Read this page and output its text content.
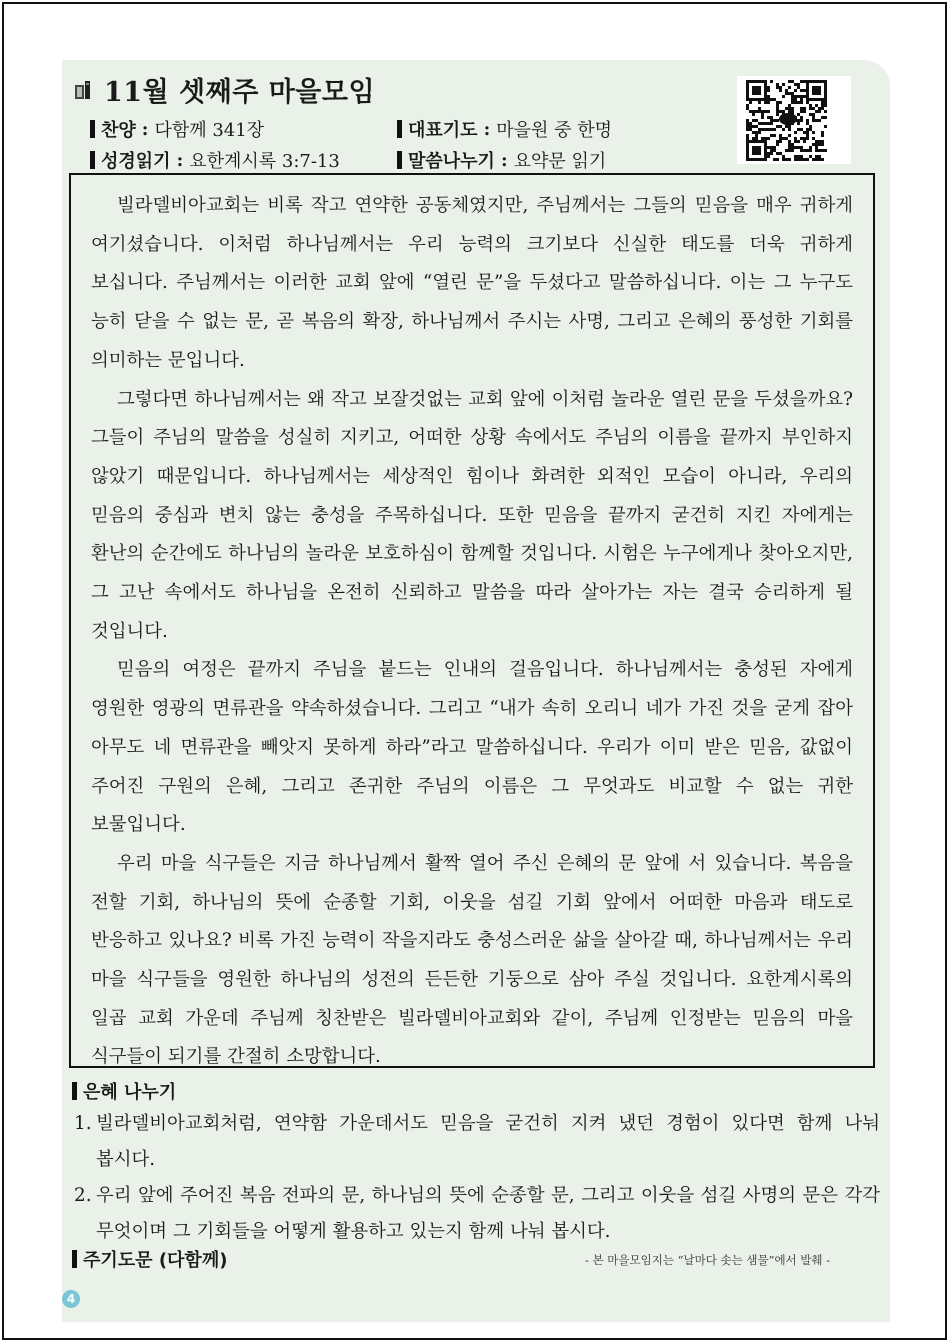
11월 셋째주 마을모임
찬양 : 다함께 341장	대표기도 : 마을원 중 한명
성경읽기 : 요한계시록 3:7-13	말씀나누기 : 요약문 읽기

빌라델비아교회는 비록 작고 연약한 공동체였지만, 주님께서는 그들의 믿음을 매우 귀하게 여기셨습니다. 이처럼 하나님께서는 우리 능력의 크기보다 신실한 태도를 더욱 귀하게 보십니다. 주님께서는 이러한 교회 앞에 “열린 문”을 두셨다고 말씀하십니다. 이는 그 누구도 능히 닫을 수 없는 문, 곧 복음의 확장, 하나님께서 주시는 사명, 그리고 은혜의 풍성한 기회를 의미하는 문입니다.

그렇다면 하나님께서는 왜 작고 보잘것없는 교회 앞에 이처럼 놀라운 열린 문을 두셨을까요? 그들이 주님의 말씀을 성실히 지키고, 어떠한 상황 속에서도 주님의 이름을 끝까지 부인하지 않았기 때문입니다. 하나님께서는 세상적인 힘이나 화려한 외적인 모습이 아니라, 우리의 믿음의 중심과 변치 않는 충성을 주목하십니다. 또한 믿음을 끝까지 굳건히 지킨 자에게는 환난의 순간에도 하나님의 놀라운 보호하심이 함께할 것입니다. 시험은 누구에게나 찾아오지만, 그 고난 속에서도 하나님을 온전히 신뢰하고 말씀을 따라 살아가는 자는 결국 승리하게 될 것입니다.

믿음의 여정은 끝까지 주님을 붙드는 인내의 걸음입니다. 하나님께서는 충성된 자에게 영원한 영광의 면류관을 약속하셨습니다. 그리고 “내가 속히 오리니 네가 가진 것을 굳게 잡아 아무도 네 면류관을 빼앗지 못하게 하라”라고 말씀하십니다. 우리가 이미 받은 믿음, 값없이 주어진 구원의 은혜, 그리고 존귀한 주님의 이름은 그 무엇과도 비교할 수 없는 귀한 보물입니다.

우리 마을 식구들은 지금 하나님께서 활짝 열어 주신 은혜의 문 앞에 서 있습니다. 복음을 전할 기회, 하나님의 뜻에 순종할 기회, 이웃을 섬길 기회 앞에서 어떠한 마음과 태도로 반응하고 있나요? 비록 가진 능력이 작을지라도 충성스러운 삶을 살아갈 때, 하나님께서는 우리 마을 식구들을 영원한 하나님의 성전의 든든한 기둥으로 삼아 주실 것입니다. 요한계시록의 일곱 교회 가운데 주님께 칭찬받은 빌라델비아교회와 같이, 주님께 인정받는 믿음의 마을 식구들이 되기를 간절히 소망합니다.

은혜 나누기
1. 빌라델비아교회처럼, 연약함 가운데서도 믿음을 굳건히 지켜 냈던 경험이 있다면 함께 나눠 봅시다.
2. 우리 앞에 주어진 복음 전파의 문, 하나님의 뜻에 순종할 문, 그리고 이웃을 섬길 사명의 문은 각각 무엇이며 그 기회들을 어떻게 활용하고 있는지 함께 나눠 봅시다.
주기도문 (다함께)	- 본 마을모임지는 “날마다 솟는 샘물”에서 발췌 -
4
